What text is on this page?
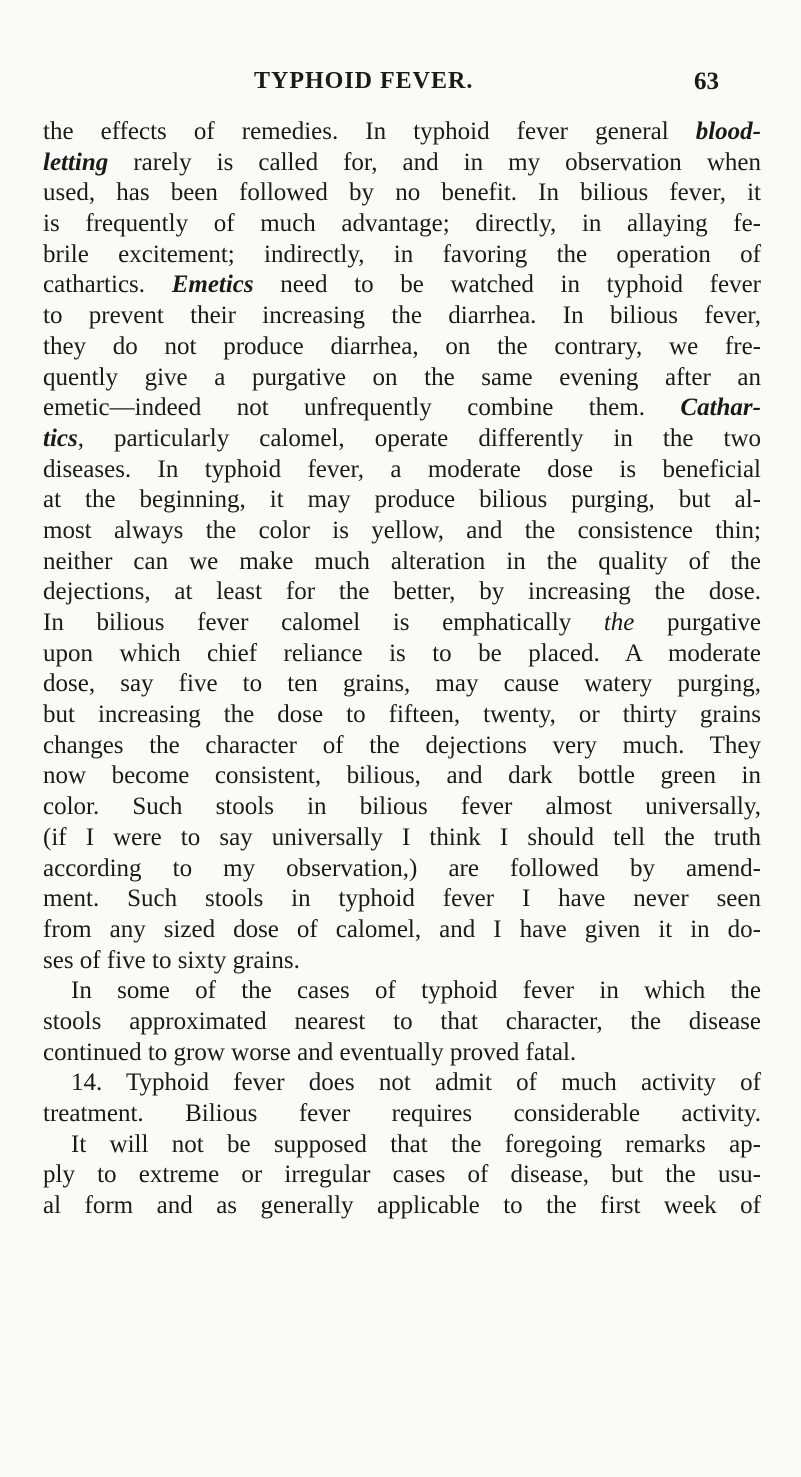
TYPHOID FEVER.	63
the effects of remedies. In typhoid fever general blood-
letting rarely is called for, and in my observation when
used, has been followed by no benefit. In bilious fever, it
is frequently of much advantage; directly, in allaying fe-
brile excitement; indirectly, in favoring the operation of
cathartics. Emetics need to be watched in typhoid fever
to prevent their increasing the diarrhea. In bilious fever,
they do not produce diarrhea, on the contrary, we fre-
quently give a purgative on the same evening after an
emetic—indeed not unfrequently combine them. Cathar-
tics, particularly calomel, operate differently in the two
diseases. In typhoid fever, a moderate dose is beneficial
at the beginning, it may produce bilious purging, but al-
most always the color is yellow, and the consistence thin;
neither can we make much alteration in the quality of the
dejections, at least for the better, by increasing the dose.
In bilious fever calomel is emphatically the purgative
upon which chief reliance is to be placed. A moderate
dose, say five to ten grains, may cause watery purging,
but increasing the dose to fifteen, twenty, or thirty grains
changes the character of the dejections very much. They
now become consistent, bilious, and dark bottle green in
color. Such stools in bilious fever almost universally,
(if I were to say universally I think I should tell the truth
according to my observation,) are followed by amend-
ment. Such stools in typhoid fever I have never seen
from any sized dose of calomel, and I have given it in do-
ses of five to sixty grains.
In some of the cases of typhoid fever in which the
stools approximated nearest to that character, the disease
continued to grow worse and eventually proved fatal.
14. Typhoid fever does not admit of much activity of
treatment. Bilious fever requires considerable activity.
It will not be supposed that the foregoing remarks ap-
ply to extreme or irregular cases of disease, but the usu-
al form and as generally applicable to the first week of
